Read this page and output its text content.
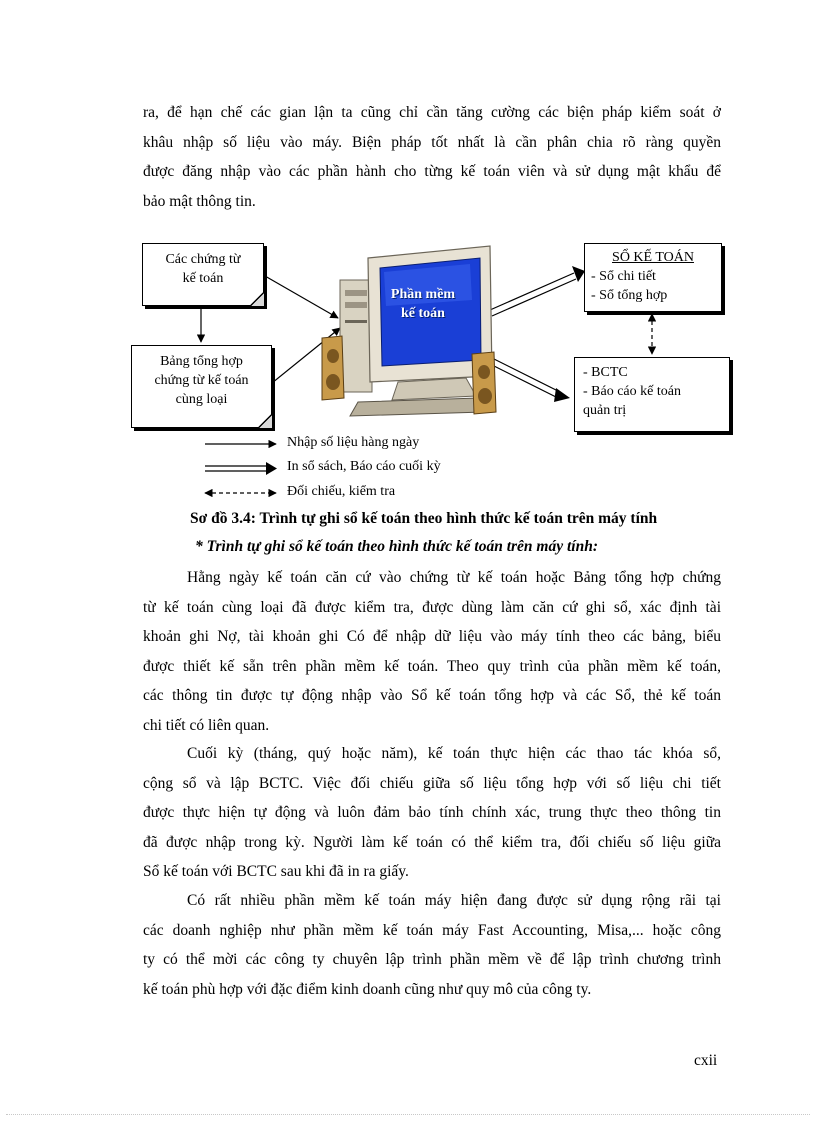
ra, để hạn chế các gian lận ta cũng chỉ cần tăng cường các biện pháp kiểm soát ở
khâu nhập số liệu vào máy. Biện pháp tốt nhất là cần phân chia rõ ràng quyền
được đăng nhập vào các phần hành cho từng kế toán viên và sử dụng mật khẩu để
bảo mật thông tin.

Phần mềm
kế toán
Các chứng từ
kế toán
Bảng tổng hợp
chứng từ kế toán
cùng loại
SỔ KẾ TOÁN
- Sổ chi tiết
- Sổ tổng hợp
- BCTC
- Báo cáo kế toán
quản trị
Nhập số liệu hàng ngày
In sổ sách, Báo cáo cuối kỳ
Đối chiếu, kiểm tra
Sơ đồ 3.4: Trình tự ghi sổ kế toán theo hình thức kế toán trên máy tính
* Trình tự ghi sổ kế toán theo hình thức kế toán trên máy tính:

Hằng ngày kế toán căn cứ vào chứng từ kế toán hoặc Bảng tổng hợp chứng
từ kế toán cùng loại đã được kiểm tra, được dùng làm căn cứ ghi sổ, xác định tài
khoản ghi Nợ, tài khoản ghi Có để nhập dữ liệu vào máy tính theo các bảng, biểu
được thiết kế sẵn trên phần mềm kế toán. Theo quy trình của phần mềm kế toán,
các thông tin được tự động nhập vào Sổ kế toán tổng hợp và các Sổ, thẻ kế toán
chi tiết có liên quan.

Cuối kỳ (tháng, quý hoặc năm), kế toán thực hiện các thao tác khóa sổ,
cộng sổ và lập BCTC. Việc đối chiếu giữa số liệu tổng hợp với số liệu chi tiết
được thực hiện tự động và luôn đảm bảo tính chính xác, trung thực theo thông tin
đã được nhập trong kỳ. Người làm kế toán có thể kiểm tra, đối chiếu số liệu giữa
Sổ kế toán với BCTC sau khi đã in ra giấy.

Có rất nhiều phần mềm kế toán máy hiện đang được sử dụng rộng rãi tại
các doanh nghiệp như phần mềm kế toán máy Fast Accounting, Misa,... hoặc công
ty có thể mời các công ty chuyên lập trình phần mềm về để lập trình chương trình
kế toán phù hợp với đặc điểm kinh doanh cũng như quy mô của công ty.

cxii
